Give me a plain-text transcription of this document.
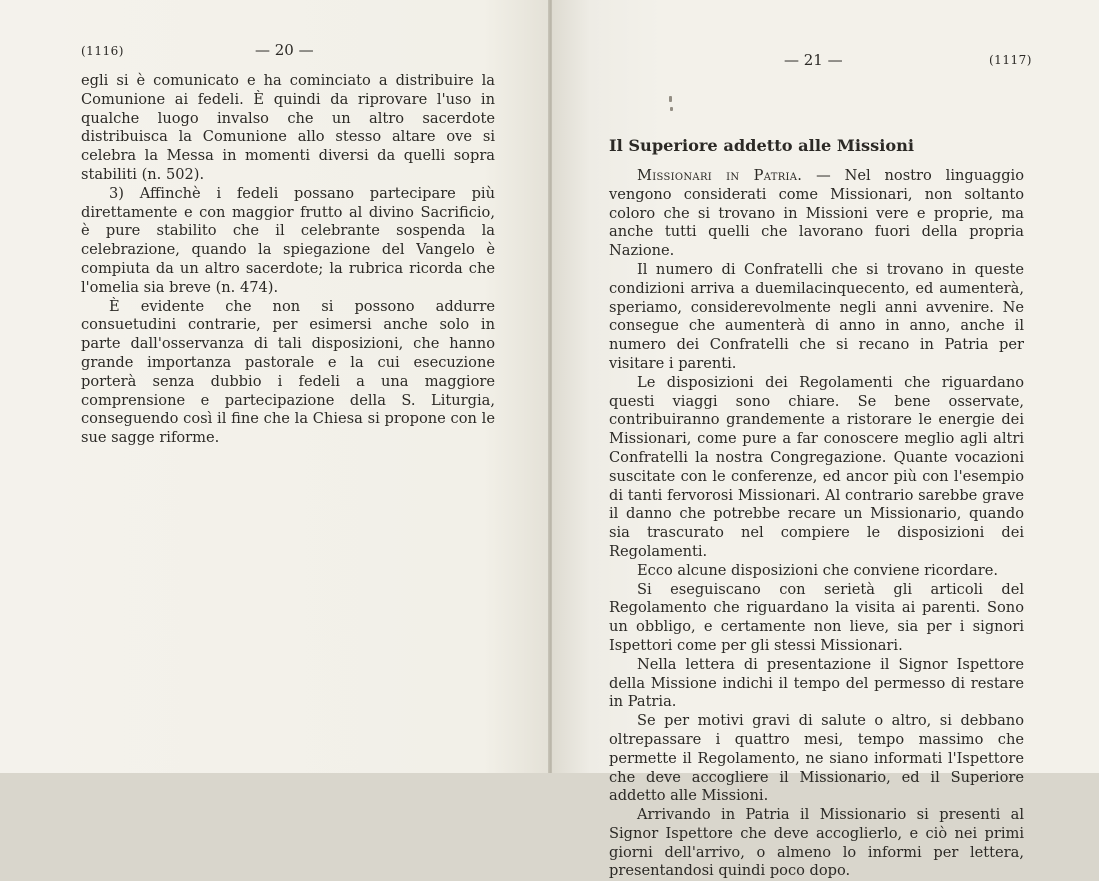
(1116)	— 20 —

egli si è comunicato e ha cominciato a distribuire la Comunione ai fedeli. È quindi da riprovare l'uso in qualche luogo invalso che un altro sacerdote distribuisca la Comunione allo stesso altare ove si celebra la Messa in momenti diversi da quelli sopra stabiliti (n. 502).

3) Affinchè i fedeli possano partecipare più direttamente e con maggior frutto al divino Sacrificio, è pure stabilito che il celebrante sospenda la celebrazione, quando la spiegazione del Vangelo è compiuta da un altro sacerdote; la rubrica ricorda che l'omelia sia breve (n. 474).

È evidente che non si possono addurre consuetudini contrarie, per esimersi anche solo in parte dall'osservanza di tali disposizioni, che hanno grande importanza pastorale e la cui esecuzione porterà senza dubbio i fedeli a una maggiore comprensione e partecipazione della S. Liturgia, conseguendo così il fine che la Chiesa si propone con le sue sagge riforme.

— 21 —	(1117)
Il Superiore addetto alle Missioni

Missionari in Patria. — Nel nostro linguaggio vengono considerati come Missionari, non soltanto coloro che si trovano in Missioni vere e proprie, ma anche tutti quelli che lavorano fuori della propria Nazione.

Il numero di Confratelli che si trovano in queste condizioni arriva a duemilacinquecento, ed aumenterà, speriamo, considerevolmente negli anni avvenire. Ne consegue che aumenterà di anno in anno, anche il numero dei Confratelli che si recano in Patria per visitare i parenti.

Le disposizioni dei Regolamenti che riguardano questi viaggi sono chiare. Se bene osservate, contribuiranno grandemente a ristorare le energie dei Missionari, come pure a far conoscere meglio agli altri Confratelli la nostra Congregazione. Quante vocazioni suscitate con le conferenze, ed ancor più con l'esempio di tanti fervorosi Missionari. Al contrario sarebbe grave il danno che potrebbe recare un Missionario, quando sia trascurato nel compiere le disposizioni dei Regolamenti.

Ecco alcune disposizioni che conviene ricordare.

Si eseguiscano con serietà gli articoli del Regolamento che riguardano la visita ai parenti. Sono un obbligo, e certamente non lieve, sia per i signori Ispettori come per gli stessi Missionari.

Nella lettera di presentazione il Signor Ispettore della Missione indichi il tempo del permesso di restare in Patria.

Se per motivi gravi di salute o altro, si debbano oltrepassare i quattro mesi, tempo massimo che permette il Regolamento, ne siano informati l'Ispettore che deve accogliere il Missionario, ed il Superiore addetto alle Missioni.

Arrivando in Patria il Missionario si presenti al Signor Ispettore che deve accoglierlo, e ciò nei primi giorni dell'arrivo, o almeno lo informi per lettera, presentandosi quindi poco dopo.
